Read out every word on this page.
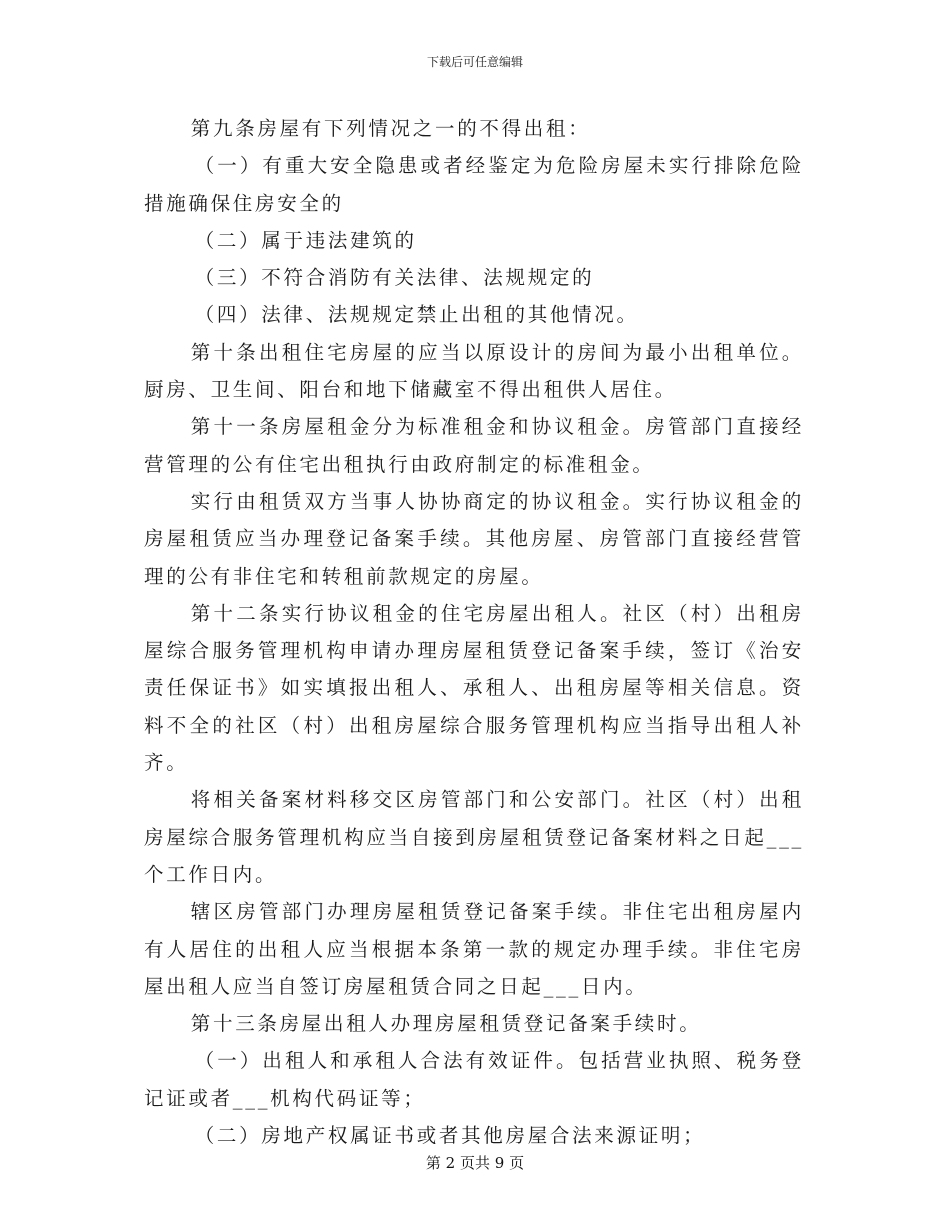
下载后可任意编辑

第九条房屋有下列情况之一的不得出租：

（一）有重大安全隐患或者经鉴定为危险房屋未实行排除危险措施确保住房安全的

（二）属于违法建筑的

（三）不符合消防有关法律、法规规定的

（四）法律、法规规定禁止出租的其他情况。

第十条出租住宅房屋的应当以原设计的房间为最小出租单位。厨房、卫生间、阳台和地下储藏室不得出租供人居住。

第十一条房屋租金分为标准租金和协议租金。房管部门直接经营管理的公有住宅出租执行由政府制定的标准租金。

实行由租赁双方当事人协协商定的协议租金。实行协议租金的房屋租赁应当办理登记备案手续。其他房屋、房管部门直接经营管理的公有非住宅和转租前款规定的房屋。

第十二条实行协议租金的住宅房屋出租人。社区（村）出租房屋综合服务管理机构申请办理房屋租赁登记备案手续，签订《治安责任保证书》如实填报出租人、承租人、出租房屋等相关信息。资料不全的社区（村）出租房屋综合服务管理机构应当指导出租人补齐。

将相关备案材料移交区房管部门和公安部门。社区（村）出租房屋综合服务管理机构应当自接到房屋租赁登记备案材料之日起___个工作日内。

辖区房管部门办理房屋租赁登记备案手续。非住宅出租房屋内有人居住的出租人应当根据本条第一款的规定办理手续。非住宅房屋出租人应当自签订房屋租赁合同之日起___日内。

第十三条房屋出租人办理房屋租赁登记备案手续时。

（一）出租人和承租人合法有效证件。包括营业执照、税务登记证或者___机构代码证等；

（二）房地产权属证书或者其他房屋合法来源证明；

第 2 页共 9 页
